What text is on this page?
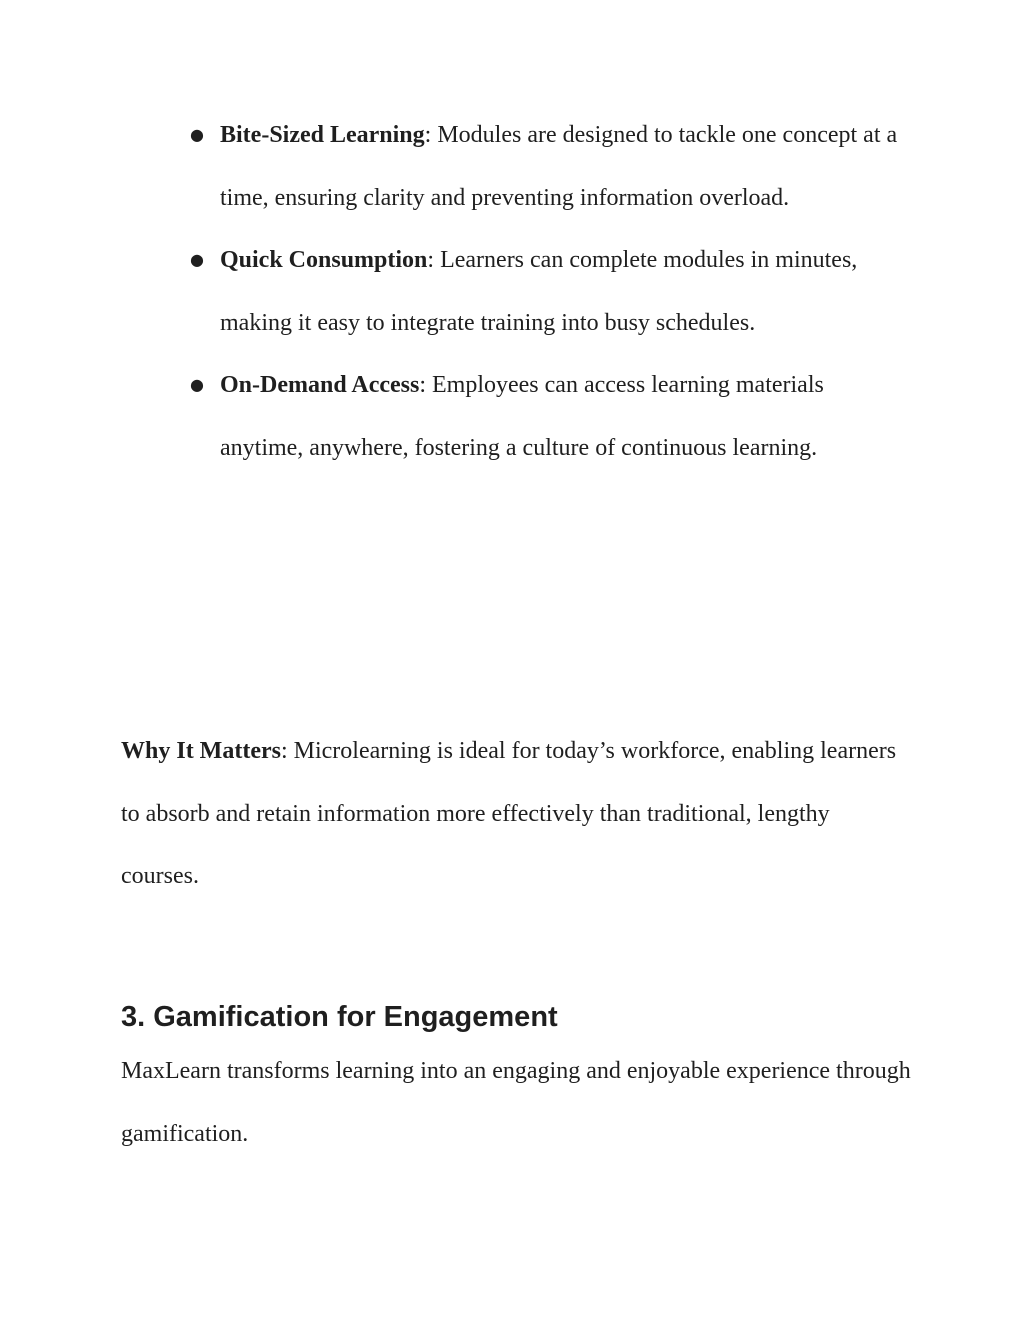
● Bite-Sized Learning: Modules are designed to tackle one concept at a time, ensuring clarity and preventing information overload.
● Quick Consumption: Learners can complete modules in minutes, making it easy to integrate training into busy schedules.
● On-Demand Access: Employees can access learning materials anytime, anywhere, fostering a culture of continuous learning.

Why It Matters: Microlearning is ideal for today’s workforce, enabling learners to absorb and retain information more effectively than traditional, lengthy courses.

3. Gamification for Engagement

MaxLearn transforms learning into an engaging and enjoyable experience through gamification.
